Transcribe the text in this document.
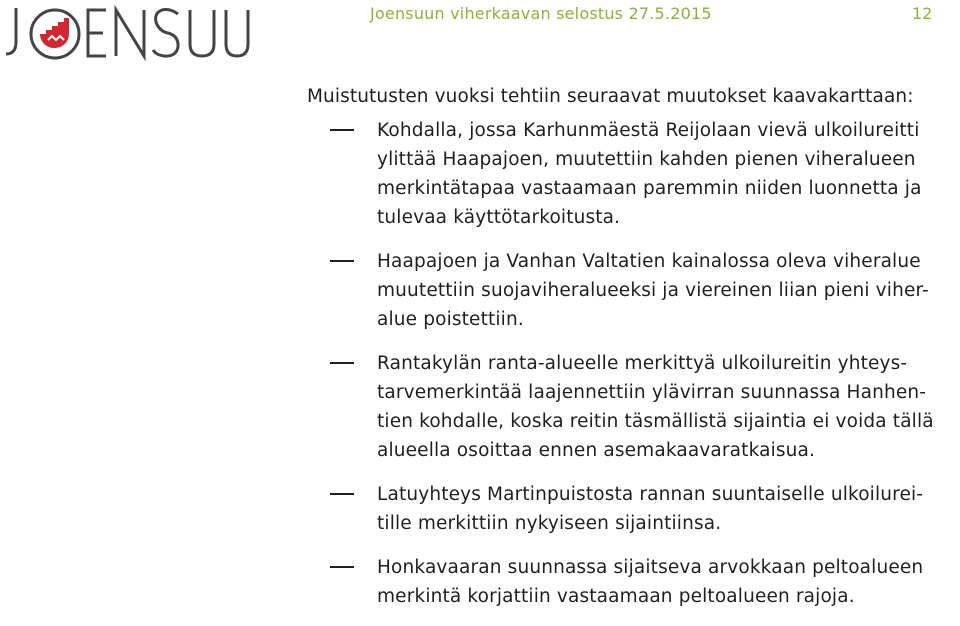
Joensuun viherkaavan selostus 27.5.2015	12
Muistutusten vuoksi tehtiin seuraavat muutokset kaavakarttaan:
Kohdalla, jossa Karhunmäestä Reijolaan vievä ulkoilureitti
ylittää Haapajoen, muutettiin kahden pienen viheralueen
merkintätapaa vastaamaan paremmin niiden luonnetta ja
tulevaa käyttötarkoitusta.
Haapajoen ja Vanhan Valtatien kainalossa oleva viheralue
muutettiin suojaviheralueeksi ja viereinen liian pieni viher-
alue poistettiin.
Rantakylän ranta-alueelle merkittyä ulkoilureitin yhteys-
tarvemerkintää laajennettiin ylävirran suunnassa Hanhen-
tien kohdalle, koska reitin täsmällistä sijaintia ei voida tällä
alueella osoittaa ennen asemakaavaratkaisua.
Latuyhteys Martinpuistosta rannan suuntaiselle ulkoilurei-
tille merkittiin nykyiseen sijaintiinsa.
Honkavaaran suunnassa sijaitseva arvokkaan peltoalueen
merkintä korjattiin vastaamaan peltoalueen rajoja.
